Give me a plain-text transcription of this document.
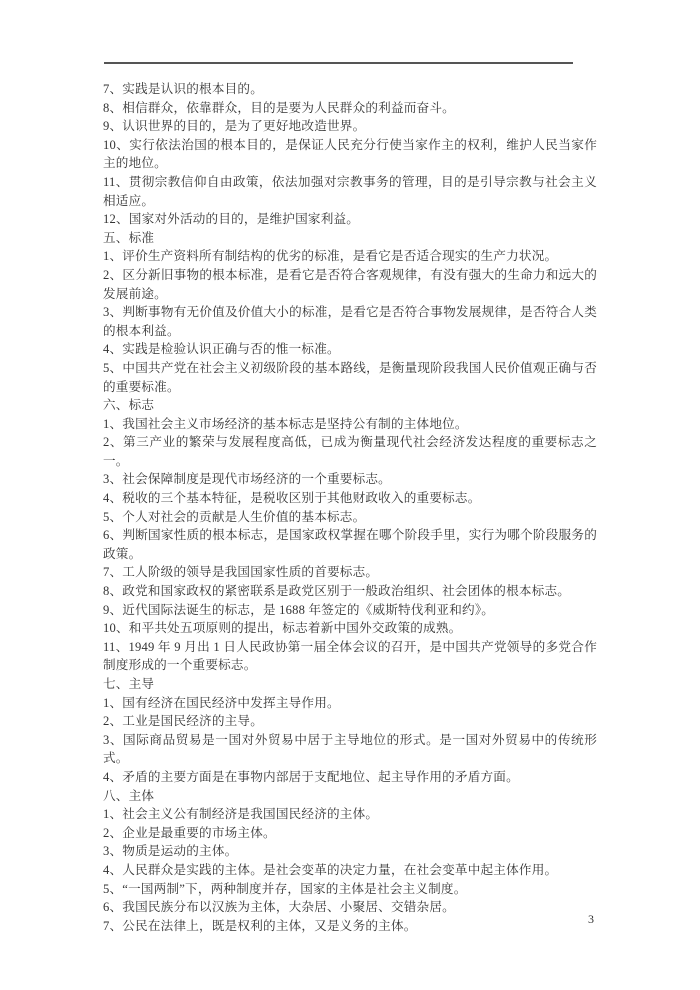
7、实践是认识的根本目的。

8、相信群众，依靠群众，目的是要为人民群众的利益而奋斗。

9、认识世界的目的，是为了更好地改造世界。

10、实行依法治国的根本目的，是保证人民充分行使当家作主的权利，维护人民当家作主的地位。

11、贯彻宗教信仰自由政策，依法加强对宗教事务的管理，目的是引导宗教与社会主义相适应。

12、国家对外活动的目的，是维护国家利益。

五、标准

1、评价生产资料所有制结构的优劣的标准，是看它是否适合现实的生产力状况。

2、区分新旧事物的根本标准，是看它是否符合客观规律，有没有强大的生命力和远大的发展前途。

3、判断事物有无价值及价值大小的标准，是看它是否符合事物发展规律，是否符合人类的根本利益。

4、实践是检验认识正确与否的惟一标准。

5、中国共产党在社会主义初级阶段的基本路线，是衡量现阶段我国人民价值观正确与否的重要标准。

六、标志

1、我国社会主义市场经济的基本标志是坚持公有制的主体地位。

2、第三产业的繁荣与发展程度高低，已成为衡量现代社会经济发达程度的重要标志之一。

3、社会保障制度是现代市场经济的一个重要标志。

4、税收的三个基本特征，是税收区别于其他财政收入的重要标志。

5、个人对社会的贡献是人生价值的基本标志。

6、判断国家性质的根本标志，是国家政权掌握在哪个阶段手里，实行为哪个阶段服务的政策。

7、工人阶级的领导是我国国家性质的首要标志。

8、政党和国家政权的紧密联系是政党区别于一般政治组织、社会团体的根本标志。

9、近代国际法诞生的标志，是 1688 年签定的《威斯特伐利亚和约》。

10、和平共处五项原则的提出，标志着新中国外交政策的成熟。

11、1949 年 9 月出 1 日人民政协第一届全体会议的召开，是中国共产党领导的多党合作制度形成的一个重要标志。

七、主导

1、国有经济在国民经济中发挥主导作用。

2、工业是国民经济的主导。

3、国际商品贸易是一国对外贸易中居于主导地位的形式。是一国对外贸易中的传统形式。

4、矛盾的主要方面是在事物内部居于支配地位、起主导作用的矛盾方面。

八、主体

1、社会主义公有制经济是我国国民经济的主体。

2、企业是最重要的市场主体。

3、物质是运动的主体。

4、人民群众是实践的主体。是社会变革的决定力量，在社会变革中起主体作用。

5、“一国两制”下，两种制度并存，国家的主体是社会主义制度。

6、我国民族分布以汉族为主体，大杂居、小聚居、交错杂居。

7、公民在法律上，既是权利的主体，又是义务的主体。	3
